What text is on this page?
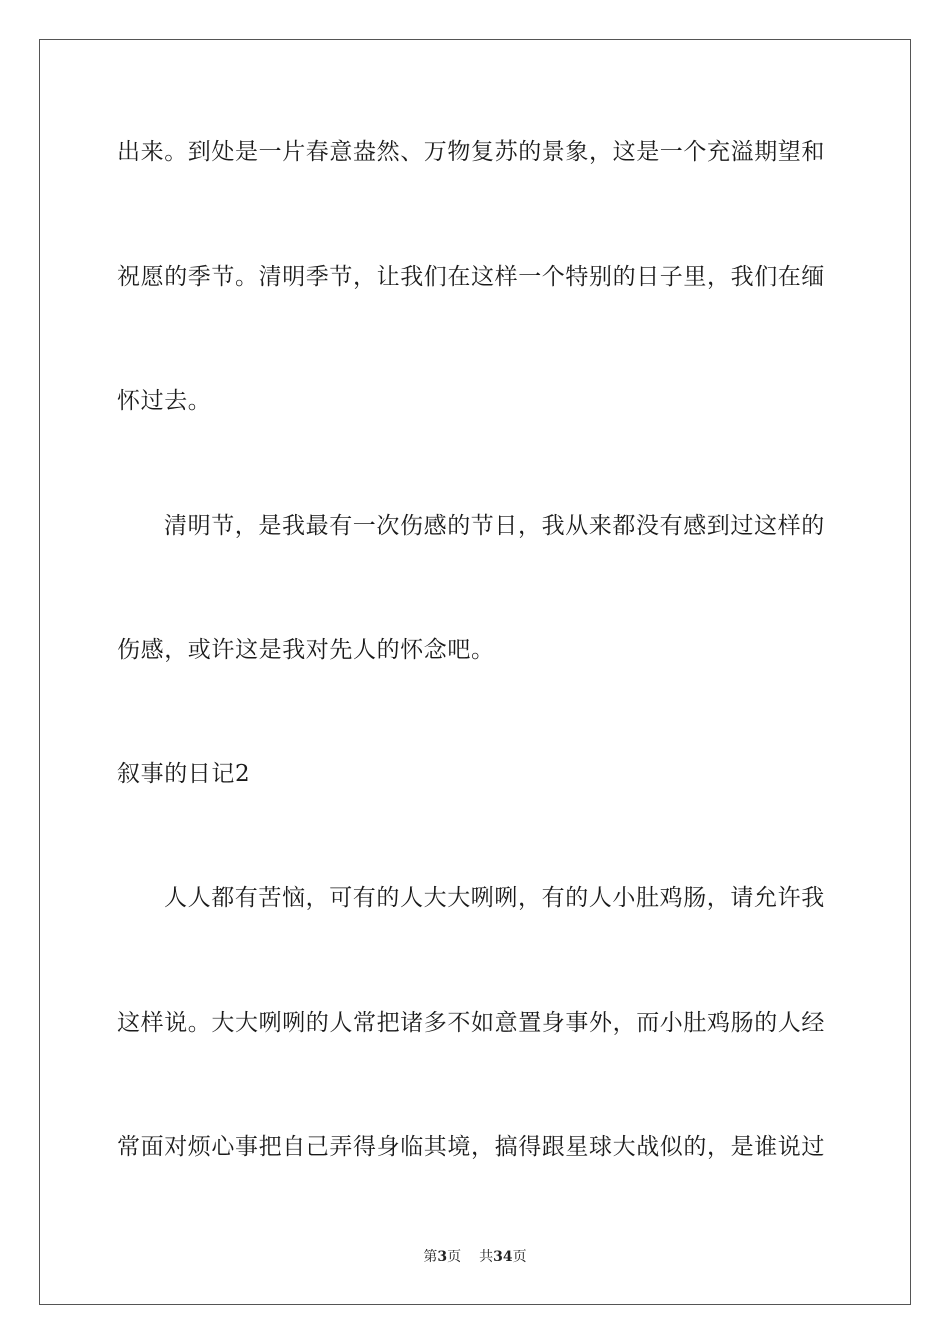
出来。到处是一片春意盎然、万物复苏的景象，这是一个充溢期望和
祝愿的季节。清明季节，让我们在这样一个特别的日子里，我们在缅
怀过去。
清明节，是我最有一次伤感的节日，我从来都没有感到过这样的
伤感，或许这是我对先人的怀念吧。
叙事的日记2
人人都有苦恼，可有的人大大咧咧，有的人小肚鸡肠，请允许我
这样说。大大咧咧的人常把诸多不如意置身事外，而小肚鸡肠的人经
常面对烦心事把自己弄得身临其境，搞得跟星球大战似的，是谁说过
第3页 共34页
